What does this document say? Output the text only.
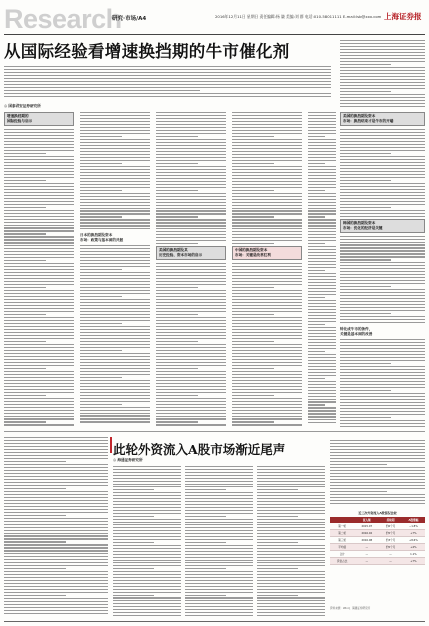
Research
研究·市场/A4	2016年12月11日 星期日 责任编辑:杨 谦 美编:刘 群 电话:010-58011111 E-mail:lsb@xxx.com 上海证券报
从国际经验看增速换挡期的牛市催化剂
◎ 国泰君安证券研究所
增速换档期的
国际经验与启示
日本的换挡期及资本
市场：政策与基本面的共振
美国的换挡期及其
历史经验、资本市场的启示
中国的换挡期及资本
市场：关键是改革红利
美国的换挡期及资本
市场：换挡结束才是牛市的开端
韩国的换挡期及资本
市场：优化的经济是关键
转化成牛市的条件，
关键是基本面的改善
此轮外资流入A股市场渐近尾声
◎ 海通证券研究所
近三次外资流入A股情况比较
	流入额	持续期	A股涨幅
第一轮	2015.07	约6个月	−1.8%
第二轮	2016.02	约5个月	+7%
第三轮	2016.08	约3个月	+8.6%
平均值	—	约5个月	+4%
合计	—	—	1.1%
资金占比	—	—	+7%
资料来源：Wind，海通证券研究所
